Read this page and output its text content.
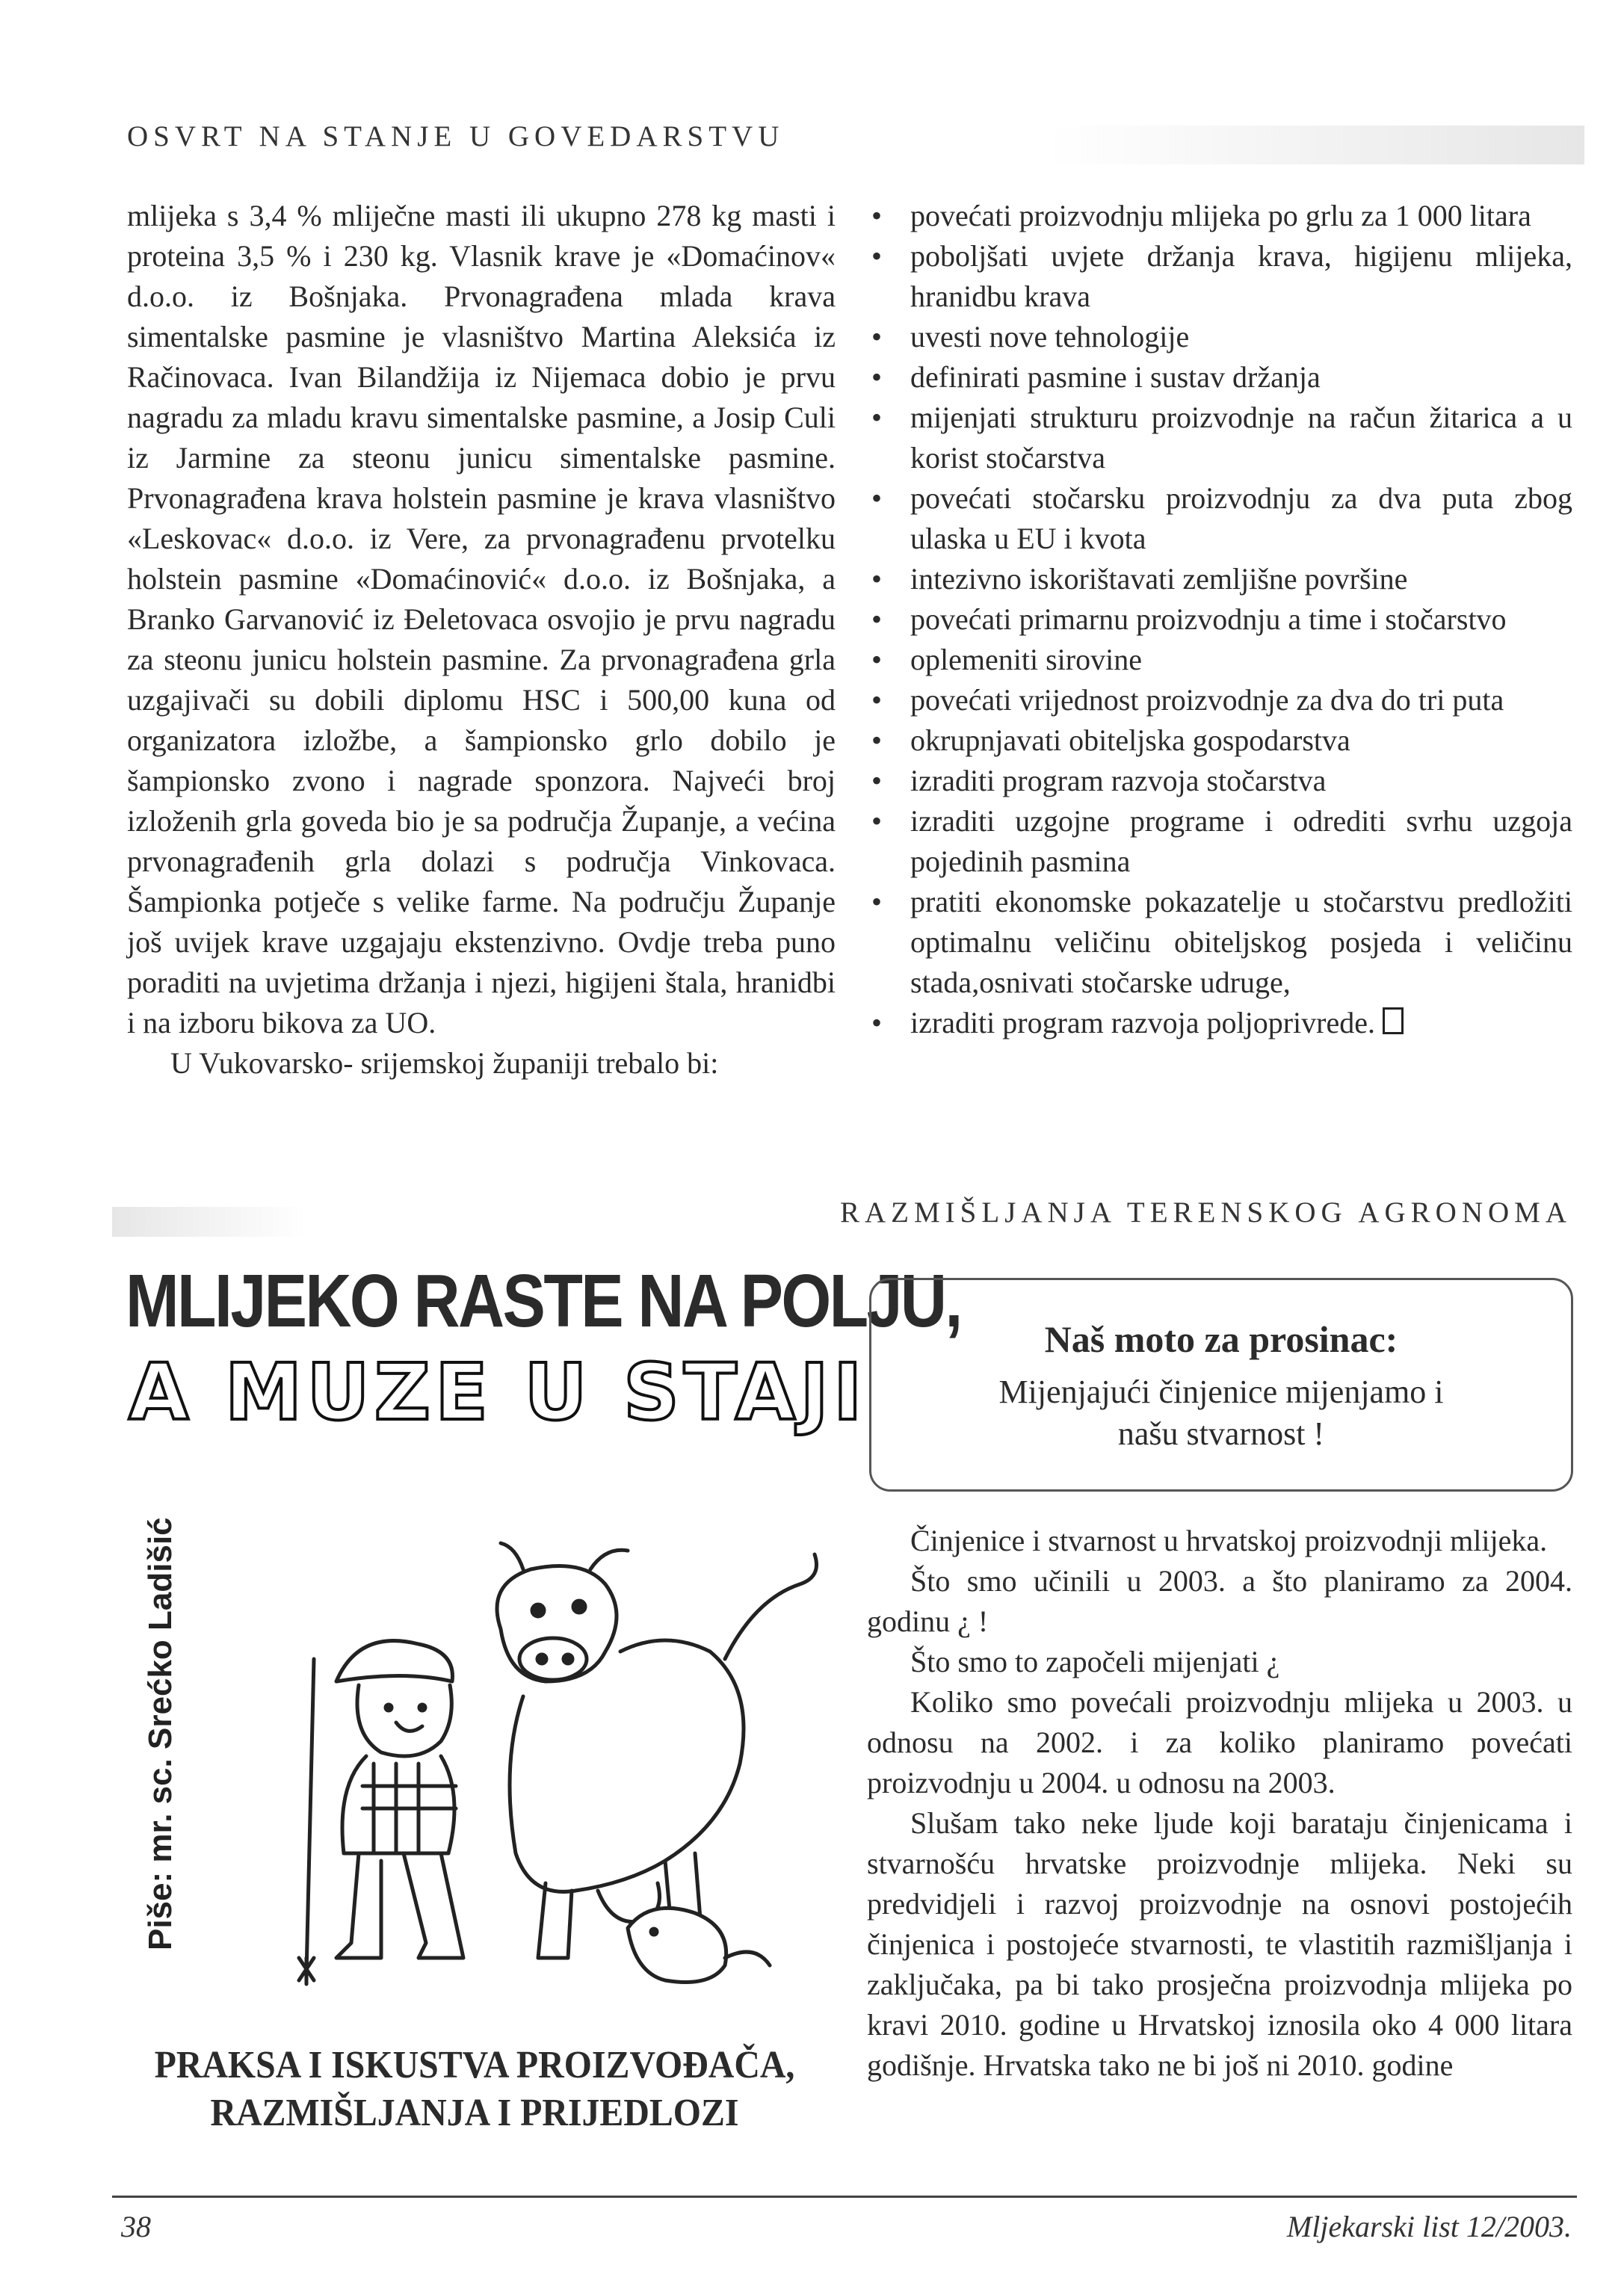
OSVRT NA STANJE U GOVEDARSTVU

mlijeka s 3,4 % mliječne masti ili ukupno 278 kg masti i proteina 3,5 % i 230 kg. Vlasnik krave je «Domaćinov« d.o.o. iz Bošnjaka. Prvonagrađena mlada krava simentalske pasmine je vlasništvo Martina Aleksića iz Račinovaca. Ivan Bilandžija iz Nijemaca dobio je prvu nagradu za mladu kravu simentalske pasmine, a Josip Culi iz Jarmine za steonu junicu simentalske pasmine. Prvonagrađena krava holstein pasmine je krava vlasništvo «Leskovac« d.o.o. iz Vere, za prvonagrađenu prvotelku holstein pasmine «Domaćinović« d.o.o. iz Bošnjaka, a Branko Garvanović iz Đeletovaca osvojio je prvu nagradu za steonu junicu holstein pasmine. Za prvonagrađena grla uzgajivači su dobili diplomu HSC i 500,00 kuna od organizatora izložbe, a šampionsko grlo dobilo je šampionsko zvono i nagrade sponzora. Najveći broj izloženih grla goveda bio je sa područja Županje, a većina prvonagrađenih grla dolazi s područja Vinkovaca. Šampionka potječe s velike farme. Na području Županje još uvijek krave uzgajaju ekstenzivno. Ovdje treba puno poraditi na uvjetima držanja i njezi, higijeni štala, hranidbi i na izboru bikova za UO.

U Vukovarsko- srijemskoj županiji trebalo bi:

• povećati proizvodnju mlijeka po grlu za 1 000 litara
• poboljšati uvjete držanja krava, higijenu mlijeka, hranidbu krava
• uvesti nove tehnologije
• definirati pasmine i sustav držanja
• mijenjati strukturu proizvodnje na račun žitarica a u korist stočarstva
• povećati stočarsku proizvodnju za dva puta zbog ulaska u EU i kvota
• intezivno iskorištavati zemljišne površine
• povećati primarnu proizvodnju a time i stočarstvo
• oplemeniti sirovine
• povećati vrijednost proizvodnje za dva do tri puta
• okrupnjavati obiteljska gospodarstva
• izraditi program razvoja stočarstva
• izraditi uzgojne programe i odrediti svrhu uzgoja pojedinih pasmina
• pratiti ekonomske pokazatelje u stočarstvu predložiti optimalnu veličinu obiteljskog posjeda i veličinu stada,osnivati stočarske udruge,
• izraditi program razvoja poljoprivrede.
RAZMIŠLJANJA TERENSKOG AGRONOMA
MLIJEKO RASTE NA POLJU,
A MUZE U STAJI
Naš moto za prosinac:
Mijenjajući činjenice mijenjamo i
našu stvarnost !
Piše: mr. sc. Srećko Ladišić
PRAKSA I ISKUSTVA PROIZVOĐAČA,
RAZMIŠLJANJA I PRIJEDLOZI

Činjenice i stvarnost u hrvatskoj proizvodnji mlijeka.

Što smo učinili u 2003. a što planiramo za 2004. godinu ¿ !

Što smo to započeli mijenjati ¿

Koliko smo povećali proizvodnju mlijeka u 2003. u odnosu na 2002. i za koliko planiramo povećati proizvodnju u 2004. u odnosu na 2003.

Slušam tako neke ljude koji barataju činjenicama i stvarnošću hrvatske proizvodnje mlijeka. Neki su predvidjeli i razvoj proizvodnje na osnovi postojećih činjenica i postojeće stvarnosti, te vlastitih razmišljanja i zaključaka, pa bi tako prosječna proizvodnja mlijeka po kravi 2010. godine u Hrvatskoj iznosila oko 4 000 litara godišnje. Hrvatska tako ne bi još ni 2010. godine

38	Mljekarski list 12/2003.
